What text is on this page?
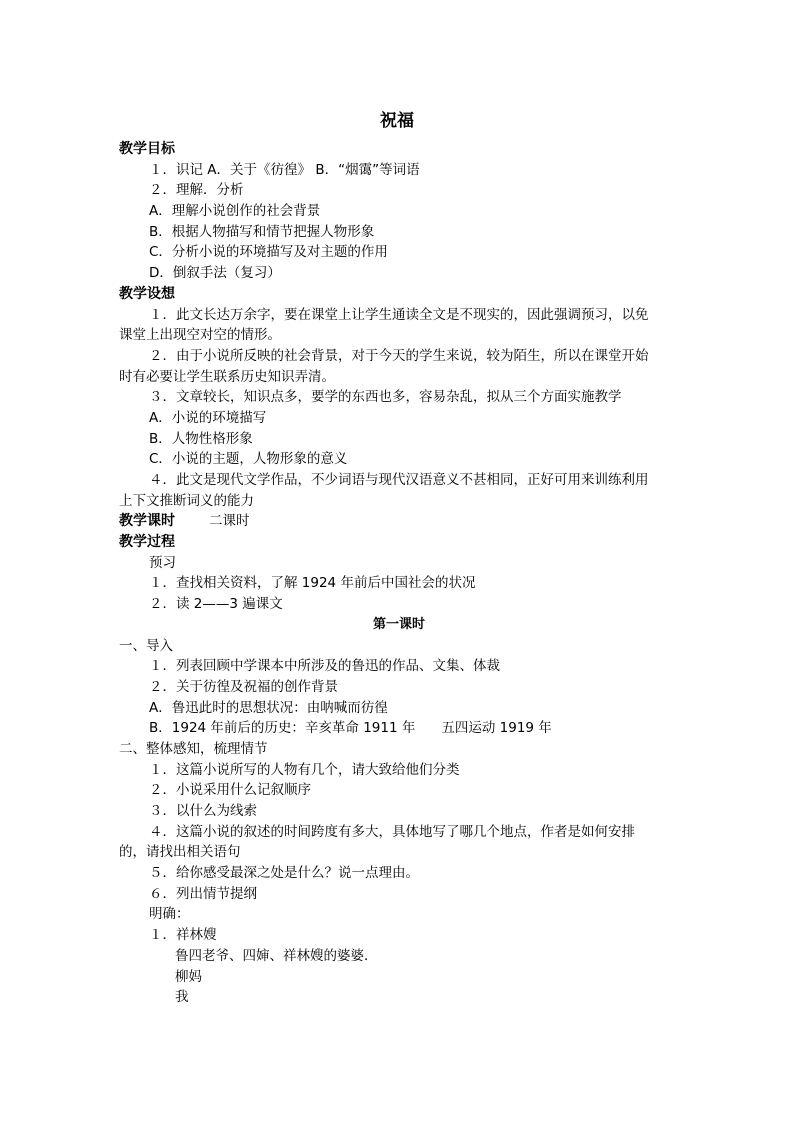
祝福
教学目标
１．识记 A．关于《彷徨》 B．“烟霭”等词语
２．理解．分析
A．理解小说创作的社会背景
B．根据人物描写和情节把握人物形象
C．分析小说的环境描写及对主题的作用
D．倒叙手法（复习）
教学设想
１．此文长达万余字，要在课堂上让学生通读全文是不现实的，因此强调预习，以免
课堂上出现空对空的情形。
２．由于小说所反映的社会背景，对于今天的学生来说，较为陌生，所以在课堂开始
时有必要让学生联系历史知识弄清。
３．文章较长，知识点多，要学的东西也多，容易杂乱，拟从三个方面实施教学
A．小说的环境描写
B．人物性格形象
C．小说的主题，人物形象的意义
４．此文是现代文学作品，不少词语与现代汉语意义不甚相同，正好可用来训练利用
上下文推断词义的能力
教学课时	二课时
教学过程
预习
１．查找相关资料，了解 1924 年前后中国社会的状况
２．读 2——3 遍课文
第一课时
一、导入
１．列表回顾中学课本中所涉及的鲁迅的作品、文集、体裁
２．关于彷徨及祝福的创作背景
A．鲁迅此时的思想状况：由呐喊而彷徨
B．1924 年前后的历史：辛亥革命 1911 年 五四运动 1919 年
二、整体感知，梳理情节
１．这篇小说所写的人物有几个，请大致给他们分类
２．小说采用什么记叙顺序
３．以什么为线索
４．这篇小说的叙述的时间跨度有多大，具体地写了哪几个地点，作者是如何安排
的，请找出相关语句
５．给你感受最深之处是什么？说一点理由。
６．列出情节提纲
明确：
１．祥林嫂
鲁四老爷、四婶、祥林嫂的婆婆．
柳妈
我
